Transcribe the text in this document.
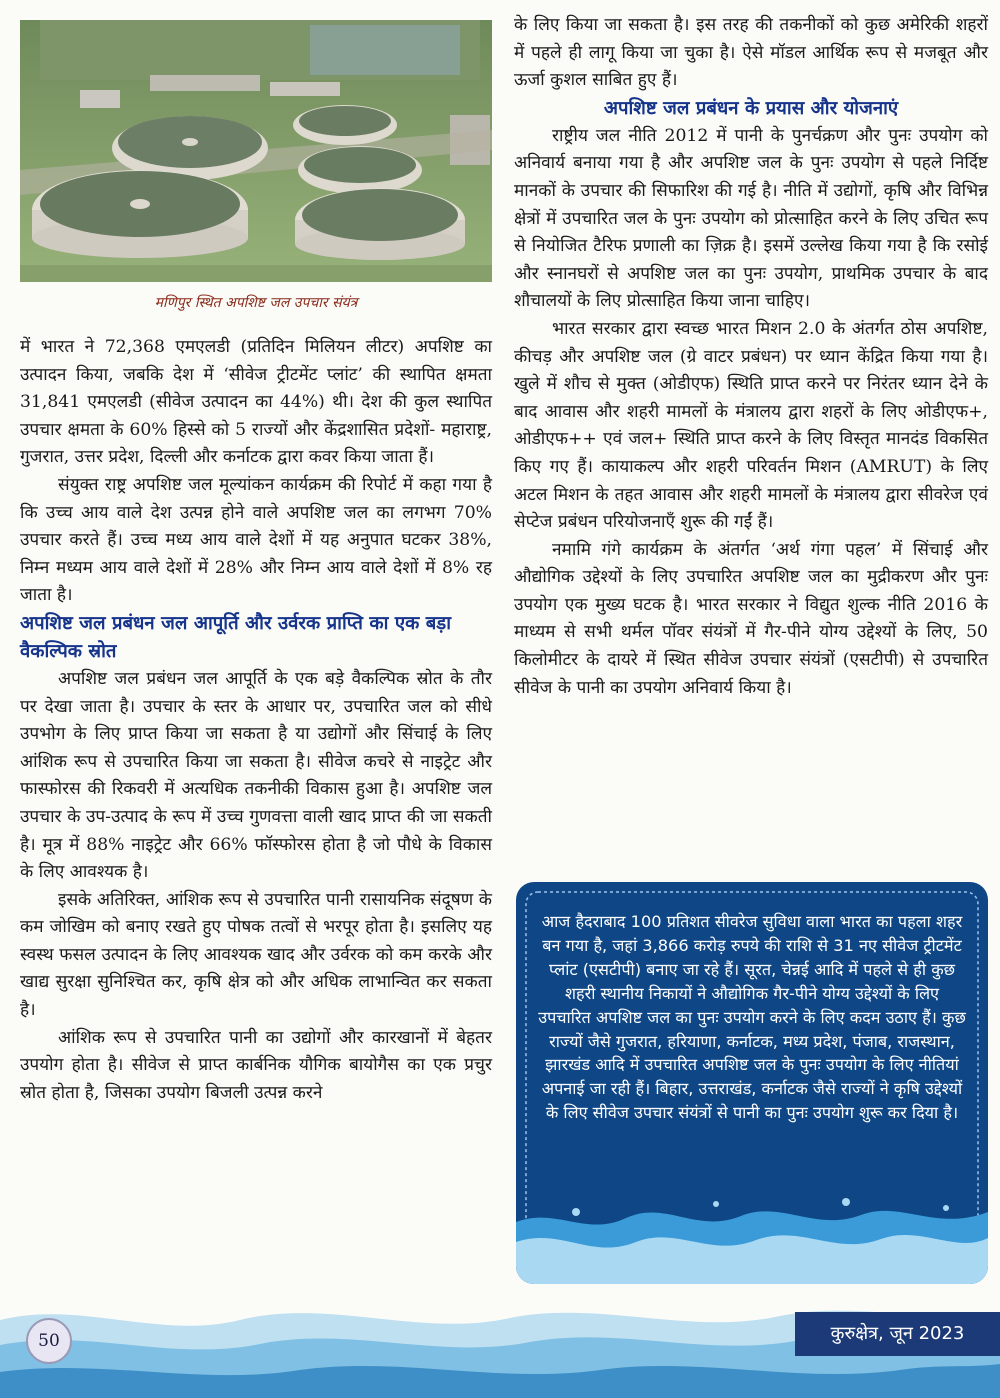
मणिपुर स्थित अपशिष्ट जल उपचार संयंत्र

में भारत ने 72,368 एमएलडी (प्रतिदिन मिलियन लीटर) अपशिष्ट का उत्पादन किया, जबकि देश में ‘सीवेज ट्रीटमेंट प्लांट’ की स्थापित क्षमता 31,841 एमएलडी (सीवेज उत्पादन का 44%) थी। देश की कुल स्थापित उपचार क्षमता के 60% हिस्से को 5 राज्यों और केंद्रशासित प्रदेशों- महाराष्ट्र, गुजरात, उत्तर प्रदेश, दिल्ली और कर्नाटक द्वारा कवर किया जाता हैं।

संयुक्त राष्ट्र अपशिष्ट जल मूल्यांकन कार्यक्रम की रिपोर्ट में कहा गया है कि उच्च आय वाले देश उत्पन्न होने वाले अपशिष्ट जल का लगभग 70% उपचार करते हैं। उच्च मध्य आय वाले देशों में यह अनुपात घटकर 38%, निम्न मध्यम आय वाले देशों में 28% और निम्न आय वाले देशों में 8% रह जाता है।

अपशिष्ट जल प्रबंधन जल आपूर्ति और उर्वरक प्राप्ति का एक बड़ा वैकल्पिक स्रोत

अपशिष्ट जल प्रबंधन जल आपूर्ति के एक बड़े वैकल्पिक स्रोत के तौर पर देखा जाता है। उपचार के स्तर के आधार पर, उपचारित जल को सीधे उपभोग के लिए प्राप्त किया जा सकता है या उद्योगों और सिंचाई के लिए आंशिक रूप से उपचारित किया जा सकता है। सीवेज कचरे से नाइट्रेट और फास्फोरस की रिकवरी में अत्यधिक तकनीकी विकास हुआ है। अपशिष्ट जल उपचार के उप-उत्पाद के रूप में उच्च गुणवत्ता वाली खाद प्राप्त की जा सकती है। मूत्र में 88% नाइट्रेट और 66% फॉस्फोरस होता है जो पौधे के विकास के लिए आवश्यक है।

इसके अतिरिक्त, आंशिक रूप से उपचारित पानी रासायनिक संदूषण के कम जोखिम को बनाए रखते हुए पोषक तत्वों से भरपूर होता है। इसलिए यह स्वस्थ फसल उत्पादन के लिए आवश्यक खाद और उर्वरक को कम करके और खाद्य सुरक्षा सुनिश्चित कर, कृषि क्षेत्र को और अधिक लाभान्वित कर सकता है।

आंशिक रूप से उपचारित पानी का उद्योगों और कारखानों में बेहतर उपयोग होता है। सीवेज से प्राप्त कार्बनिक यौगिक बायोगैस का एक प्रचुर स्रोत होता है, जिसका उपयोग बिजली उत्पन्न करने

के लिए किया जा सकता है। इस तरह की तकनीकों को कुछ अमेरिकी शहरों में पहले ही लागू किया जा चुका है। ऐसे मॉडल आर्थिक रूप से मजबूत और ऊर्जा कुशल साबित हुए हैं।

अपशिष्ट जल प्रबंधन के प्रयास और योजनाएं

राष्ट्रीय जल नीति 2012 में पानी के पुनर्चक्रण और पुनः उपयोग को अनिवार्य बनाया गया है और अपशिष्ट जल के पुनः उपयोग से पहले निर्दिष्ट मानकों के उपचार की सिफारिश की गई है। नीति में उद्योगों, कृषि और विभिन्न क्षेत्रों में उपचारित जल के पुनः उपयोग को प्रोत्साहित करने के लिए उचित रूप से नियोजित टैरिफ प्रणाली का ज़िक्र है। इसमें उल्लेख किया गया है कि रसोई और स्नानघरों से अपशिष्ट जल का पुनः उपयोग, प्राथमिक उपचार के बाद शौचालयों के लिए प्रोत्साहित किया जाना चाहिए।

भारत सरकार द्वारा स्वच्छ भारत मिशन 2.0 के अंतर्गत ठोस अपशिष्ट, कीचड़ और अपशिष्ट जल (ग्रे वाटर प्रबंधन) पर ध्यान केंद्रित किया गया है। खुले में शौच से मुक्त (ओडीएफ) स्थिति प्राप्त करने पर निरंतर ध्यान देने के बाद आवास और शहरी मामलों के मंत्रालय द्वारा शहरों के लिए ओडीएफ+, ओडीएफ++ एवं जल+ स्थिति प्राप्त करने के लिए विस्तृत मानदंड विकसित किए गए हैं। कायाकल्प और शहरी परिवर्तन मिशन (AMRUT) के लिए अटल मिशन के तहत आवास और शहरी मामलों के मंत्रालय द्वारा सीवरेज एवं सेप्टेज प्रबंधन परियोजनाएँ शुरू की गईं हैं।

नमामि गंगे कार्यक्रम के अंतर्गत ‘अर्थ गंगा पहल’ में सिंचाई और औद्योगिक उद्देश्यों के लिए उपचारित अपशिष्ट जल का मुद्रीकरण और पुनः उपयोग एक मुख्य घटक है। भारत सरकार ने विद्युत शुल्क नीति 2016 के माध्यम से सभी थर्मल पॉवर संयंत्रों में गैर-पीने योग्य उद्देश्यों के लिए, 50 किलोमीटर के दायरे में स्थित सीवेज उपचार संयंत्रों (एसटीपी) से उपचारित सीवेज के पानी का उपयोग अनिवार्य किया है।

आज हैदराबाद 100 प्रतिशत सीवरेज सुविधा वाला भारत का पहला शहर बन गया है, जहां 3,866 करोड़ रुपये की राशि से 31 नए सीवेज ट्रीटमेंट प्लांट (एसटीपी) बनाए जा रहे हैं। सूरत, चेन्नई आदि में पहले से ही कुछ शहरी स्थानीय निकायों ने औद्योगिक गैर-पीने योग्य उद्देश्यों के लिए उपचारित अपशिष्ट जल का पुनः उपयोग करने के लिए कदम उठाए हैं। कुछ राज्यों जैसे गुजरात, हरियाणा, कर्नाटक, मध्य प्रदेश, पंजाब, राजस्थान, झारखंड आदि में उपचारित अपशिष्ट जल के पुनः उपयोग के लिए नीतियां अपनाई जा रही हैं। बिहार, उत्तराखंड, कर्नाटक जैसे राज्यों ने कृषि उद्देश्यों के लिए सीवेज उपचार संयंत्रों से पानी का पुनः उपयोग शुरू कर दिया है।
50	कुरुक्षेत्र, जून 2023
